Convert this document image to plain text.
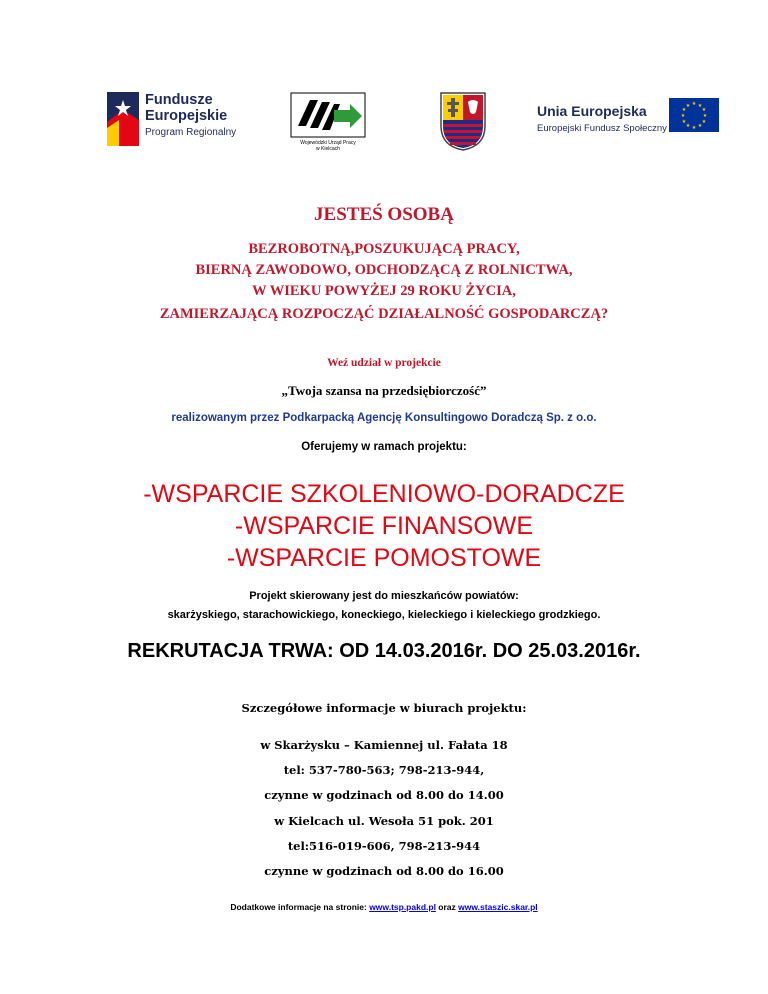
Fundusze
Europejskie
Program Regionalny
Wojewódzki Urząd Pracy
w Kielcach
Unia Europejska
Europejski Fundusz Społeczny
★ ★
★
★
★
★
★
★
★
★
★
★
JESTEŚ OSOBĄ
BEZROBOTNĄ,POSZUKUJĄCĄ PRACY,
BIERNĄ ZAWODOWO, ODCHODZĄCĄ Z ROLNICTWA,
W WIEKU POWYŻEJ 29 ROKU ŻYCIA,
ZAMIERZAJĄCĄ ROZPOCZĄĆ DZIAŁALNOŚĆ GOSPODARCZĄ?
Weź udział w projekcie
„Twoja szansa na przedsiębiorczość”
realizowanym przez Podkarpacką Agencję Konsultingowo Doradczą Sp. z o.o.
Oferujemy w ramach projektu:
-WSPARCIE SZKOLENIOWO-DORADCZE
-WSPARCIE FINANSOWE
-WSPARCIE POMOSTOWE
Projekt skierowany jest do mieszkańców powiatów:
skarżyskiego, starachowickiego, koneckiego, kieleckiego i kieleckiego grodzkiego.
REKRUTACJA TRWA: OD 14.03.2016r. DO 25.03.2016r.
Szczegółowe informacje w biurach projektu:
w Skarżysku – Kamiennej ul. Fałata 18
tel: 537-780-563; 798-213-944,
czynne w godzinach od 8.00 do 14.00
w Kielcach ul. Wesoła 51 pok. 201
tel:516-019-606, 798-213-944
czynne w godzinach od 8.00 do 16.00
Dodatkowe informacje na stronie: www.tsp.pakd.pl oraz www.staszic.skar.pl
